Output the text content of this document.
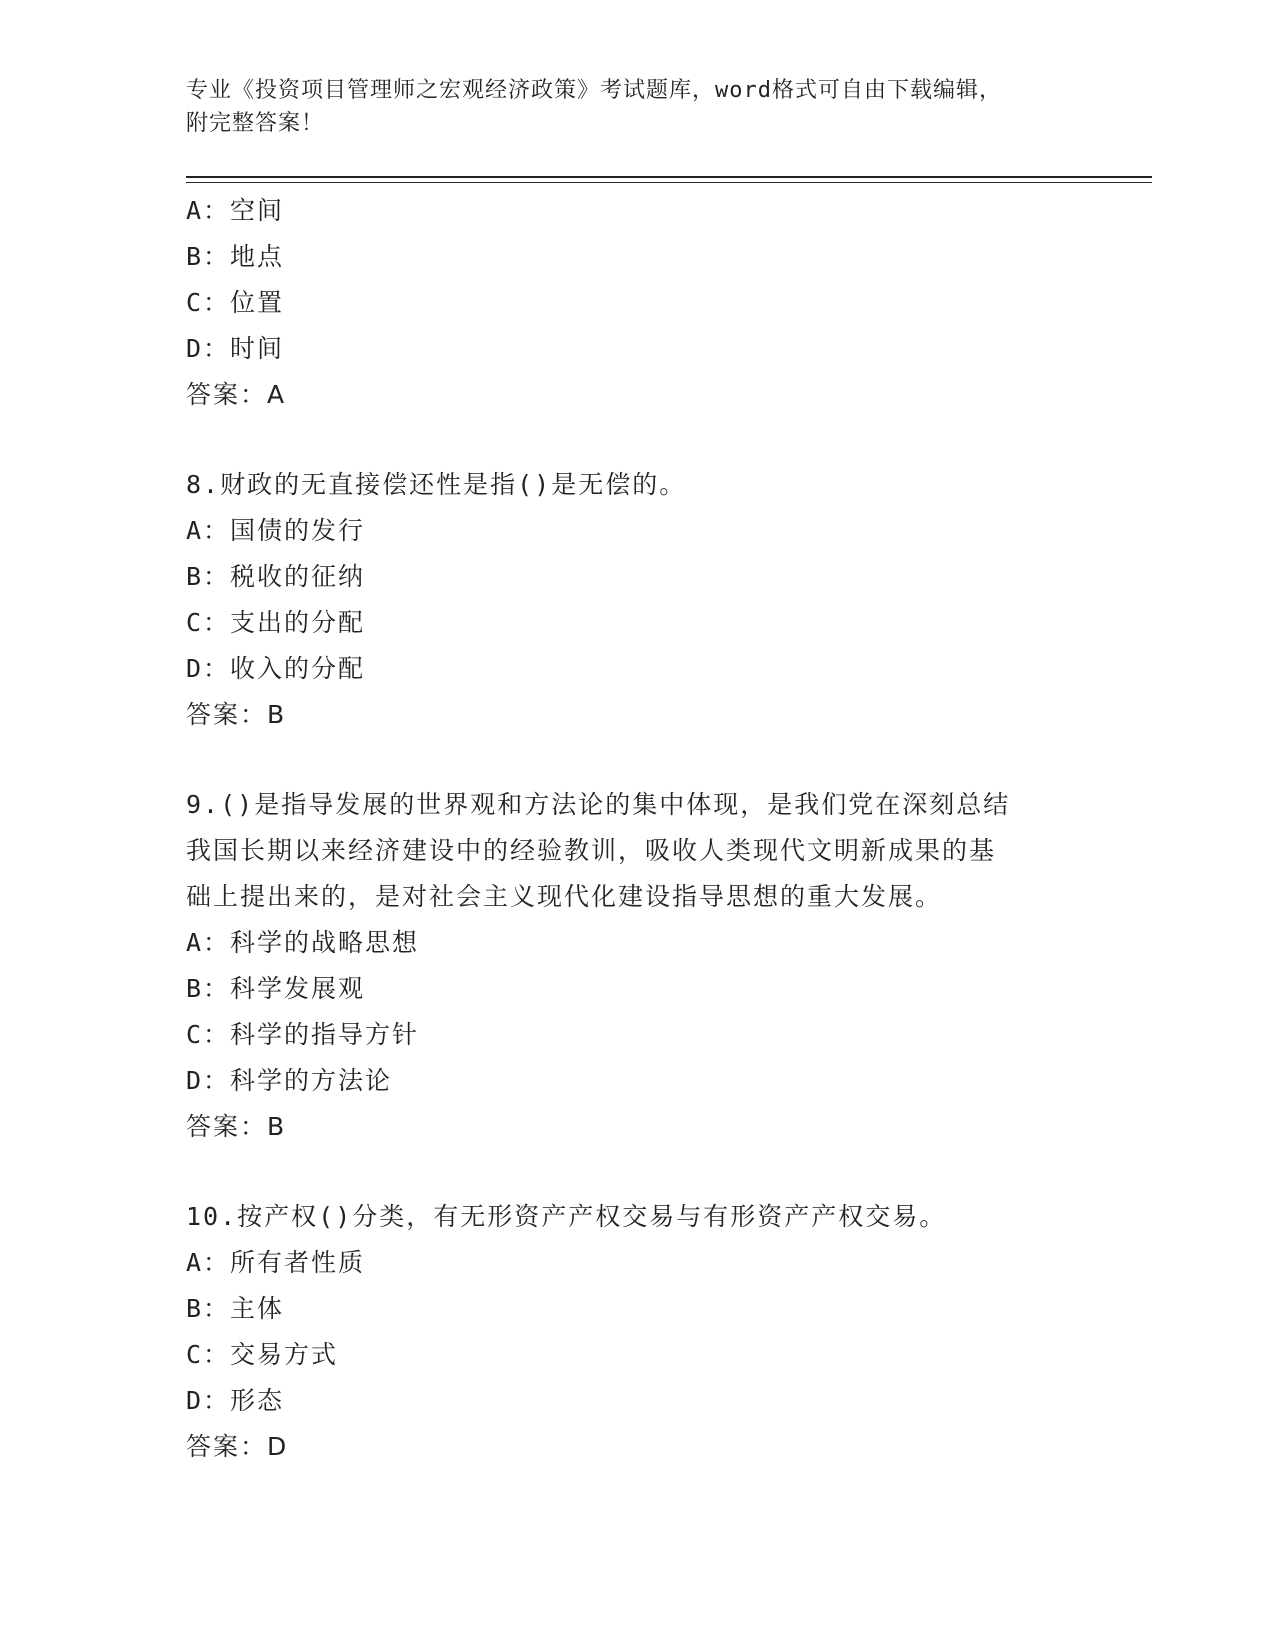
专业《投资项目管理师之宏观经济政策》考试题库，word格式可自由下载编辑，
附完整答案！
A：空间
B：地点
C：位置
D：时间
答案：A
8.财政的无直接偿还性是指()是无偿的。
A：国债的发行
B：税收的征纳
C：支出的分配
D：收入的分配
答案：B
9.()是指导发展的世界观和方法论的集中体现，是我们党在深刻总结
我国长期以来经济建设中的经验教训，吸收人类现代文明新成果的基
础上提出来的，是对社会主义现代化建设指导思想的重大发展。
A：科学的战略思想
B：科学发展观
C：科学的指导方针
D：科学的方法论
答案：B
10.按产权()分类，有无形资产产权交易与有形资产产权交易。
A：所有者性质
B：主体
C：交易方式
D：形态
答案：D
